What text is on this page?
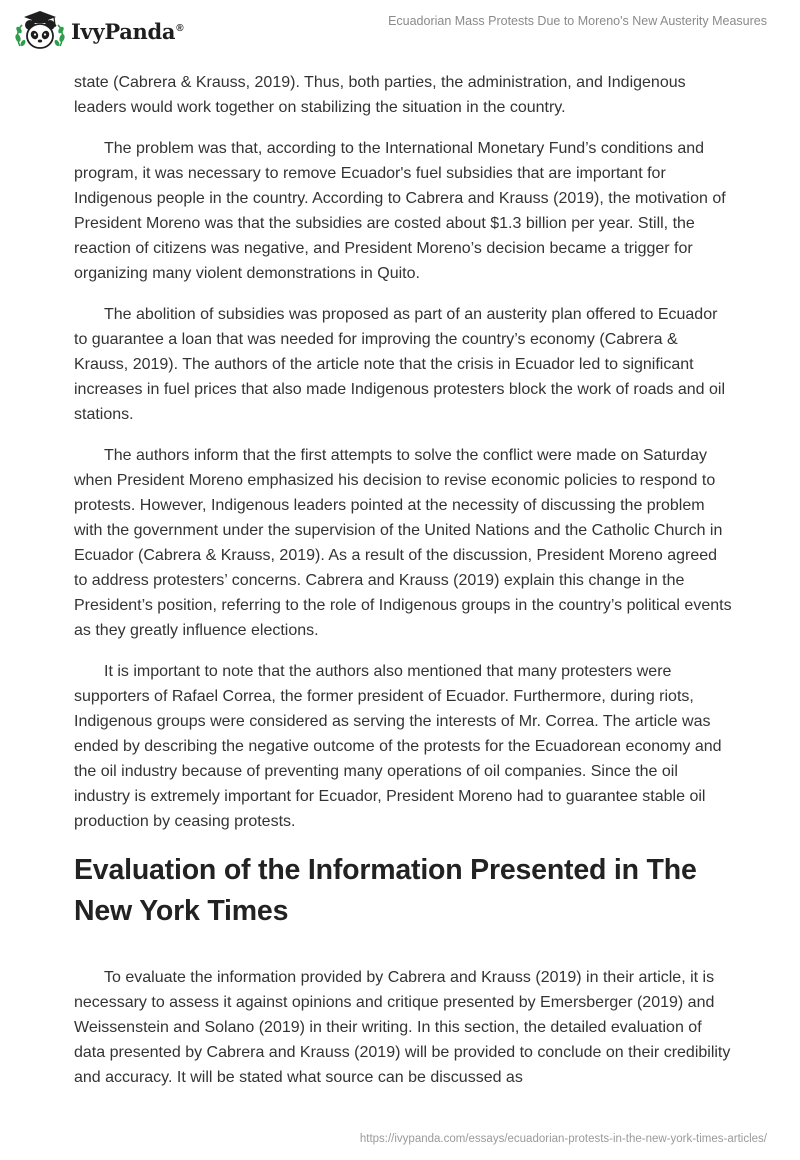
IvyPanda®	Ecuadorian Mass Protests Due to Moreno's New Austerity Measures

state (Cabrera & Krauss, 2019). Thus, both parties, the administration, and Indigenous leaders would work together on stabilizing the situation in the country.

The problem was that, according to the International Monetary Fund’s conditions and program, it was necessary to remove Ecuador's fuel subsidies that are important for Indigenous people in the country. According to Cabrera and Krauss (2019), the motivation of President Moreno was that the subsidies are costed about $1.3 billion per year. Still, the reaction of citizens was negative, and President Moreno’s decision became a trigger for organizing many violent demonstrations in Quito.

The abolition of subsidies was proposed as part of an austerity plan offered to Ecuador to guarantee a loan that was needed for improving the country’s economy (Cabrera & Krauss, 2019). The authors of the article note that the crisis in Ecuador led to significant increases in fuel prices that also made Indigenous protesters block the work of roads and oil stations.

The authors inform that the first attempts to solve the conflict were made on Saturday when President Moreno emphasized his decision to revise economic policies to respond to protests. However, Indigenous leaders pointed at the necessity of discussing the problem with the government under the supervision of the United Nations and the Catholic Church in Ecuador (Cabrera & Krauss, 2019). As a result of the discussion, President Moreno agreed to address protesters’ concerns. Cabrera and Krauss (2019) explain this change in the President’s position, referring to the role of Indigenous groups in the country’s political events as they greatly influence elections.

It is important to note that the authors also mentioned that many protesters were supporters of Rafael Correa, the former president of Ecuador. Furthermore, during riots, Indigenous groups were considered as serving the interests of Mr. Correa. The article was ended by describing the negative outcome of the protests for the Ecuadorean economy and the oil industry because of preventing many operations of oil companies. Since the oil industry is extremely important for Ecuador, President Moreno had to guarantee stable oil production by ceasing protests.

Evaluation of the Information Presented in The New York Times

To evaluate the information provided by Cabrera and Krauss (2019) in their article, it is necessary to assess it against opinions and critique presented by Emersberger (2019) and Weissenstein and Solano (2019) in their writing. In this section, the detailed evaluation of data presented by Cabrera and Krauss (2019) will be provided to conclude on their credibility and accuracy. It will be stated what source can be discussed as

https://ivypanda.com/essays/ecuadorian-protests-in-the-new-york-times-articles/
